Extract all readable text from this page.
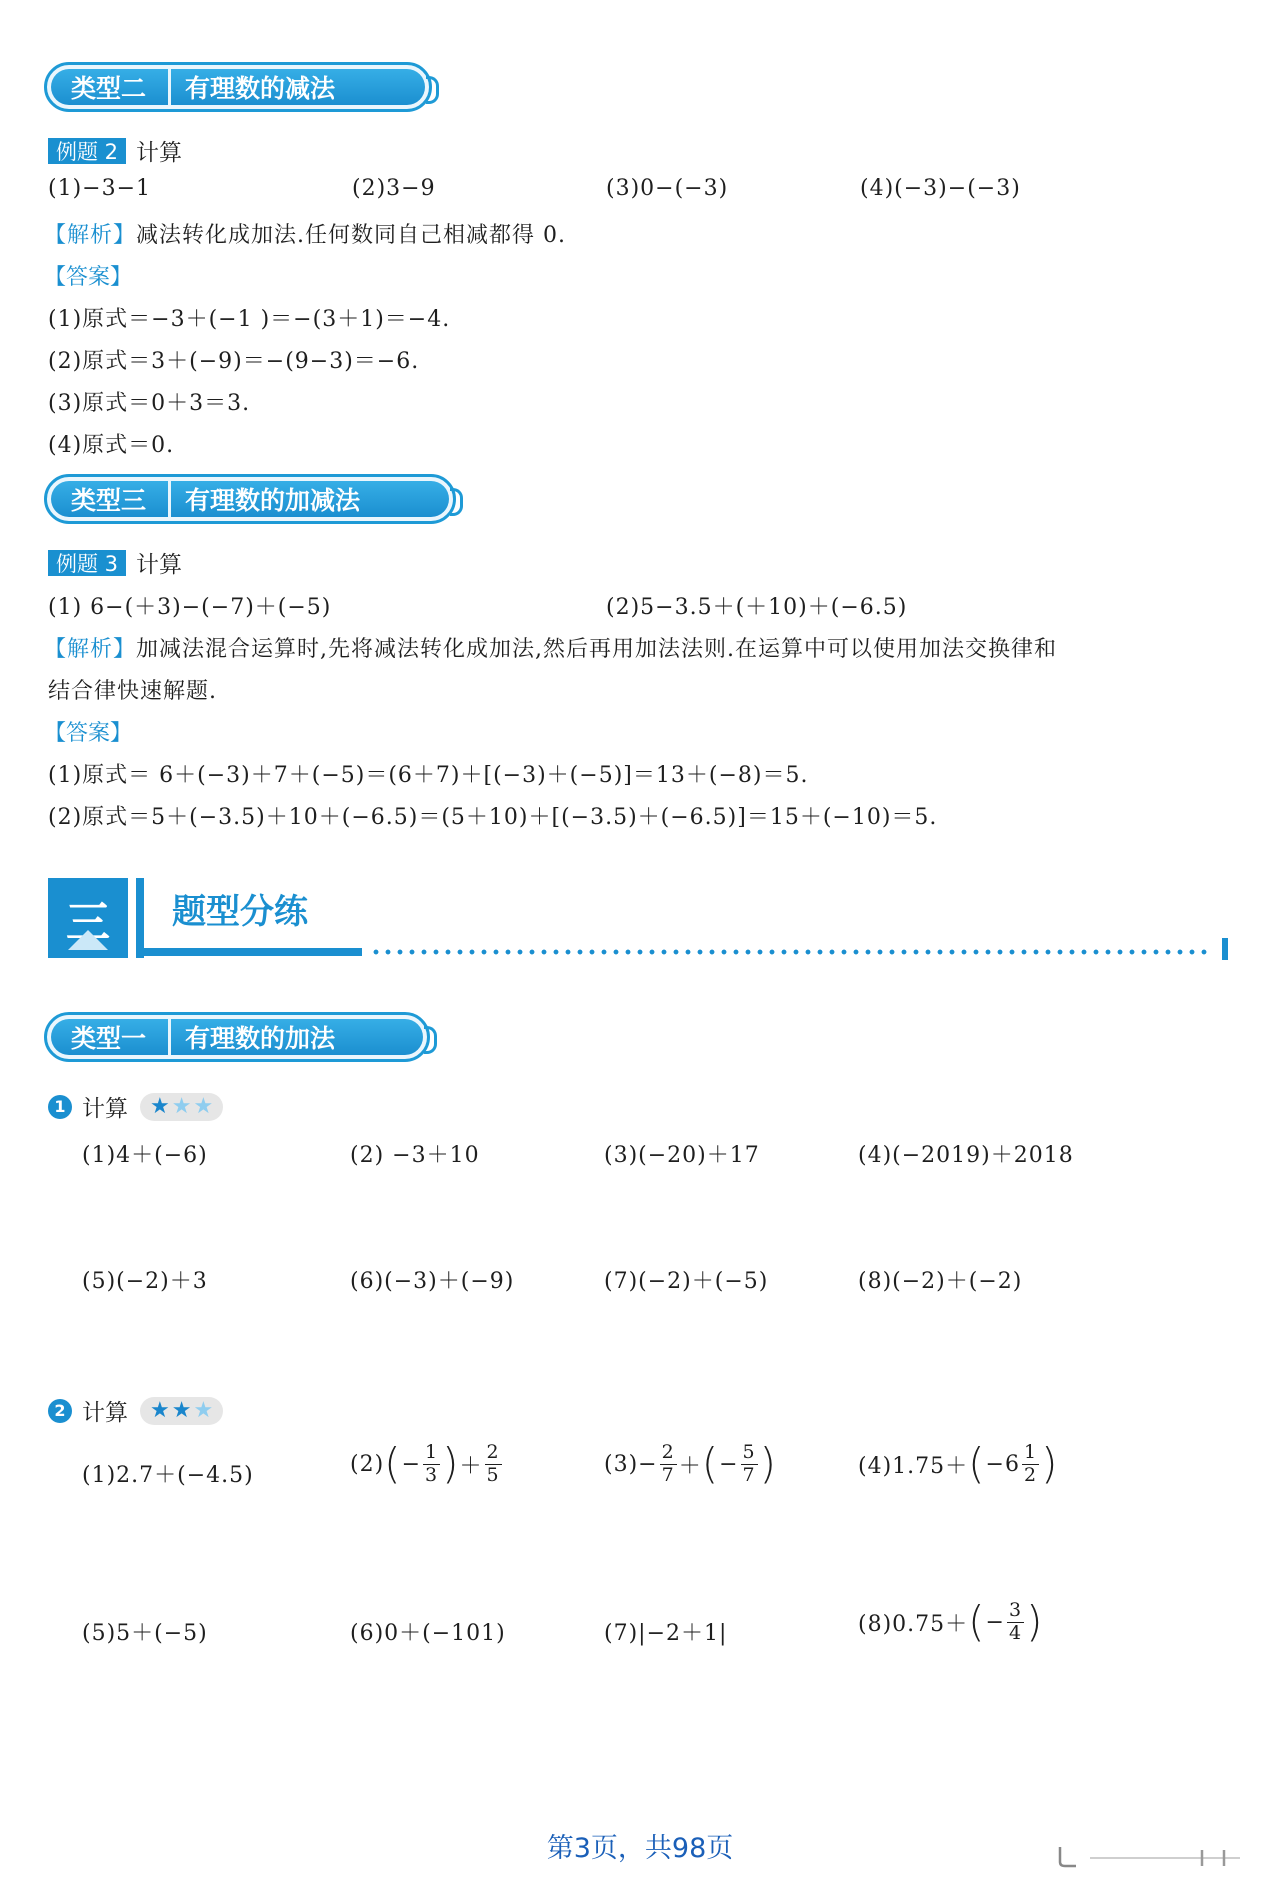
类型二	有理数的减法
例题 2 计算
(1)−3−1	(2)3−9	(3)0−(−3)	(4)(−3)−(−3)
【解析】减法转化成加法.任何数同自己相减都得 0.
【答案】
(1)原式＝−3＋(−1 )＝−(3＋1)＝−4.
(2)原式＝3＋(−9)＝−(9−3)＝−6.
(3)原式＝0＋3＝3.
(4)原式＝0.
类型三	有理数的加减法
例题 3 计算
(1) 6−(＋3)−(−7)＋(−5)	(2)5−3.5＋(＋10)＋(−6.5)
【解析】加减法混合运算时,先将减法转化成加法,然后再用加法法则.在运算中可以使用加法交换律和
结合律快速解题.
【答案】
(1)原式＝ 6＋(−3)＋7＋(−5)＝(6＋7)＋[(−3)＋(−5)]＝13＋(−8)＝5.
(2)原式＝5＋(−3.5)＋10＋(−6.5)＝(5＋10)＋[(−3.5)＋(−6.5)]＝15＋(−10)＝5.
三	题型分练
类型一	有理数的加法
1 计算 ★ ★ ★
(1)4＋(−6)	(2) −3＋10	(3)(−20)＋17	(4)(−2019)＋2018
(5)(−2)＋3	(6)(−3)＋(−9)	(7)(−2)＋(−5)	(8)(−2)＋(−2)
2 计算 ★ ★ ★
(1)2.7＋(−4.5)	(2) ( − $\frac{1}{3}$ ) ＋ $\frac{2}{5}$	$(3)- \frac{2}{7}$ ＋ ( − $\frac{5}{7}$ )	(4)1.75＋ ( $-6 \frac{1}{2}$ )
(5)5＋(−5)	(6)0＋(−101)	(7)|−2＋1|	(8)0.75＋ ( − $\frac{3}{4}$ )
第3页，共98页
